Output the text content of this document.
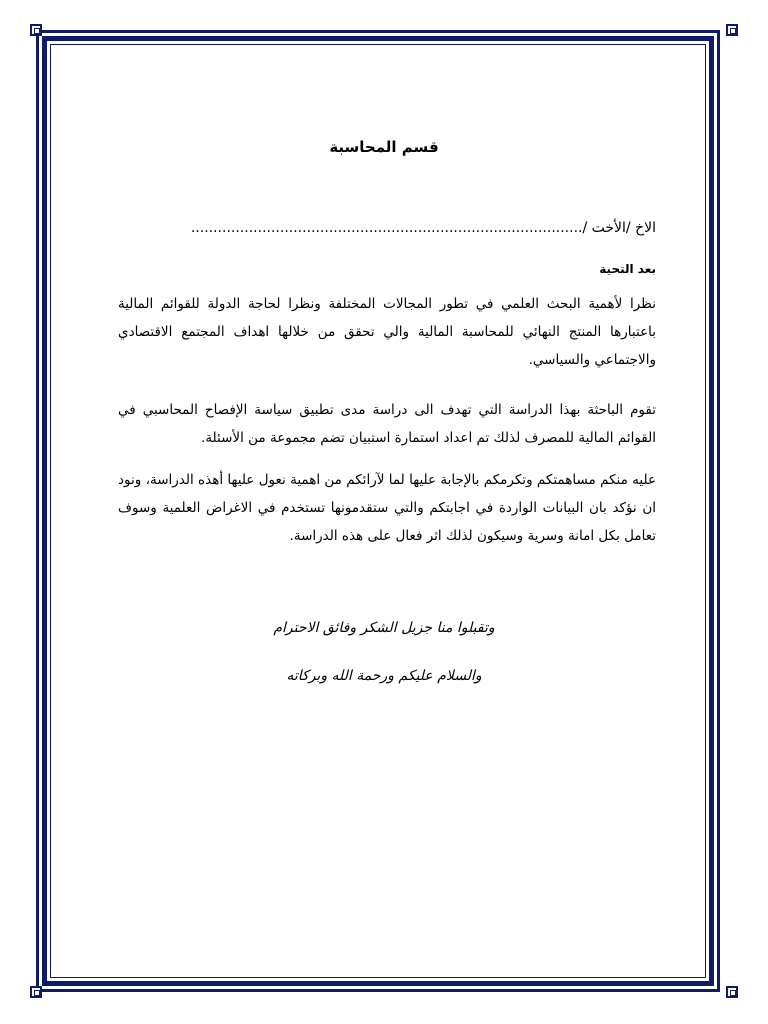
قسم المحاسبة
الاخ /الأخت /........................................................................................
بعد التحية
نظرا لأهمية البحث العلمي في تطور المجالات المختلفة ونظرا لحاجة الدولة للقوائم المالية باعتبارها المنتج النهائي للمحاسبة المالية والي تحقق من خلالها اهداف المجتمع الاقتصادي والاجتماعي والسياسي.
تقوم الباحثة بهذا الدراسة التي تهدف الى دراسة مدى تطبيق سياسة الإفصاح المحاسبي في القوائم المالية للمصرف لذلك تم اعداد استمارة استبيان تضم مجموعة من الأسئلة.
عليه منكم مساهمتكم وتكرمكم بالإجابة عليها لما لآرائكم من اهمية نعول عليها أهذه الدراسة، ونود ان نؤكد بان البيانات الواردة في اجابتكم والتي ستقدمونها تستخدم في الاغراض العلمية وسوف تعامل بكل امانة وسرية وسيكون لذلك اثر فعال على هذه الدراسة.
وتقبلوا منا جزيل الشكر وفائق الاحترام
والسلام عليكم ورحمة الله وبركاته
